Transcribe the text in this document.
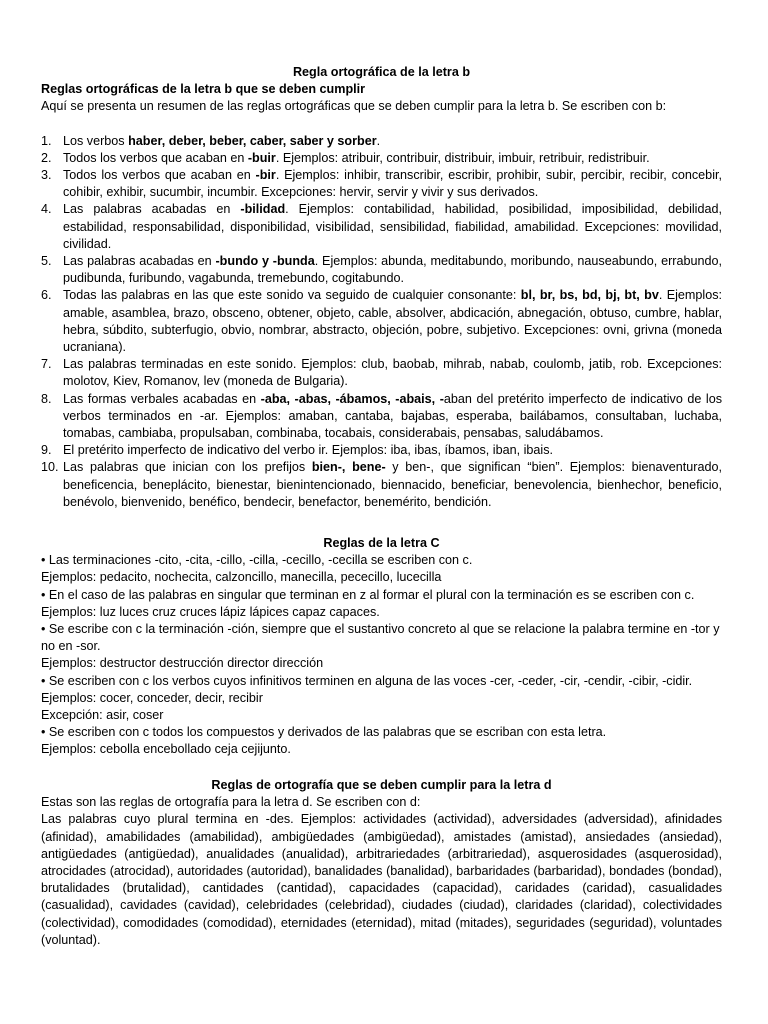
Regla ortográfica de la letra b

Reglas ortográficas de la letra b que se deben cumplir

Aquí se presenta un resumen de las reglas ortográficas que se deben cumplir para la letra b. Se escriben con b:

1. Los verbos haber, deber, beber, caber, saber y sorber.
2. Todos los verbos que acaban en -buir. Ejemplos: atribuir, contribuir, distribuir, imbuir, retribuir, redistribuir.
3. Todos los verbos que acaban en -bir. Ejemplos: inhibir, transcribir, escribir, prohibir, subir, percibir, recibir, concebir, cohibir, exhibir, sucumbir, incumbir. Excepciones: hervir, servir y vivir y sus derivados.
4. Las palabras acabadas en -bilidad. Ejemplos: contabilidad, habilidad, posibilidad, imposibilidad, debilidad, estabilidad, responsabilidad, disponibilidad, visibilidad, sensibilidad, fiabilidad, amabilidad. Excepciones: movilidad, civilidad.
5. Las palabras acabadas en -bundo y -bunda. Ejemplos: abunda, meditabundo, moribundo, nauseabundo, errabundo, pudibunda, furibundo, vagabunda, tremebundo, cogitabundo.
6. Todas las palabras en las que este sonido va seguido de cualquier consonante: bl, br, bs, bd, bj, bt, bv. Ejemplos: amable, asamblea, brazo, obsceno, obtener, objeto, cable, absolver, abdicación, abnegación, obtuso, cumbre, hablar, hebra, súbdito, subterfugio, obvio, nombrar, abstracto, objeción, pobre, subjetivo. Excepciones: ovni, grivna (moneda ucraniana).
7. Las palabras terminadas en este sonido. Ejemplos: club, baobab, mihrab, nabab, coulomb, jatib, rob. Excepciones: molotov, Kiev, Romanov, lev (moneda de Bulgaria).
8. Las formas verbales acabadas en -aba, -abas, -ábamos, -abais, -aban del pretérito imperfecto de indicativo de los verbos terminados en -ar. Ejemplos: amaban, cantaba, bajabas, esperaba, bailábamos, consultaban, luchaba, tomabas, cambiaba, propulsaban, combinaba, tocabais, considerabais, pensabas, saludábamos.
9. El pretérito imperfecto de indicativo del verbo ir. Ejemplos: iba, ibas, íbamos, iban, ibais.
10. Las palabras que inician con los prefijos bien-, bene- y ben-, que significan “bien”. Ejemplos: bienaventurado, beneficencia, beneplácito, bienestar, bienintencionado, biennacido, beneficiar, benevolencia, bienhechor, beneficio, benévolo, bienvenido, benéfico, bendecir, benefactor, benemérito, bendición.

Reglas de la letra C

• Las terminaciones -cito, -cita, -cillo, -cilla, -cecillo, -cecilla se escriben con c.
Ejemplos: pedacito, nochecita, calzoncillo, manecilla, pececillo, lucecilla
• En el caso de las palabras en singular que terminan en z al formar el plural con la terminación es se escriben con c.
Ejemplos: luz luces cruz cruces lápiz lápices capaz capaces.
• Se escribe con c la terminación -ción, siempre que el sustantivo concreto al que se relacione la palabra termine en -tor y no en -sor.
Ejemplos: destructor destrucción director dirección
• Se escriben con c los verbos cuyos infinitivos terminen en alguna de las voces -cer, -ceder, -cir, -cendir, -cibir, -cidir.
Ejemplos: cocer, conceder, decir, recibir
Excepción: asir, coser
• Se escriben con c todos los compuestos y derivados de las palabras que se escriban con esta letra.
Ejemplos: cebolla encebollado ceja cejijunto.

Reglas de ortografía que se deben cumplir para la letra d

Estas son las reglas de ortografía para la letra d. Se escriben con d:

Las palabras cuyo plural termina en -des. Ejemplos: actividades (actividad), adversidades (adversidad), afinidades (afinidad), amabilidades (amabilidad), ambigüedades (ambigüedad), amistades (amistad), ansiedades (ansiedad), antigüedades (antigüedad), anualidades (anualidad), arbitrariedades (arbitrariedad), asquerosidades (asquerosidad), atrocidades (atrocidad), autoridades (autoridad), banalidades (banalidad), barbaridades (barbaridad), bondades (bondad), brutalidades (brutalidad), cantidades (cantidad), capacidades (capacidad), caridades (caridad), casualidades (casualidad), cavidades (cavidad), celebridades (celebridad), ciudades (ciudad), claridades (claridad), colectividades (colectividad), comodidades (comodidad), eternidades (eternidad), mitad (mitades), seguridades (seguridad), voluntades (voluntad).
